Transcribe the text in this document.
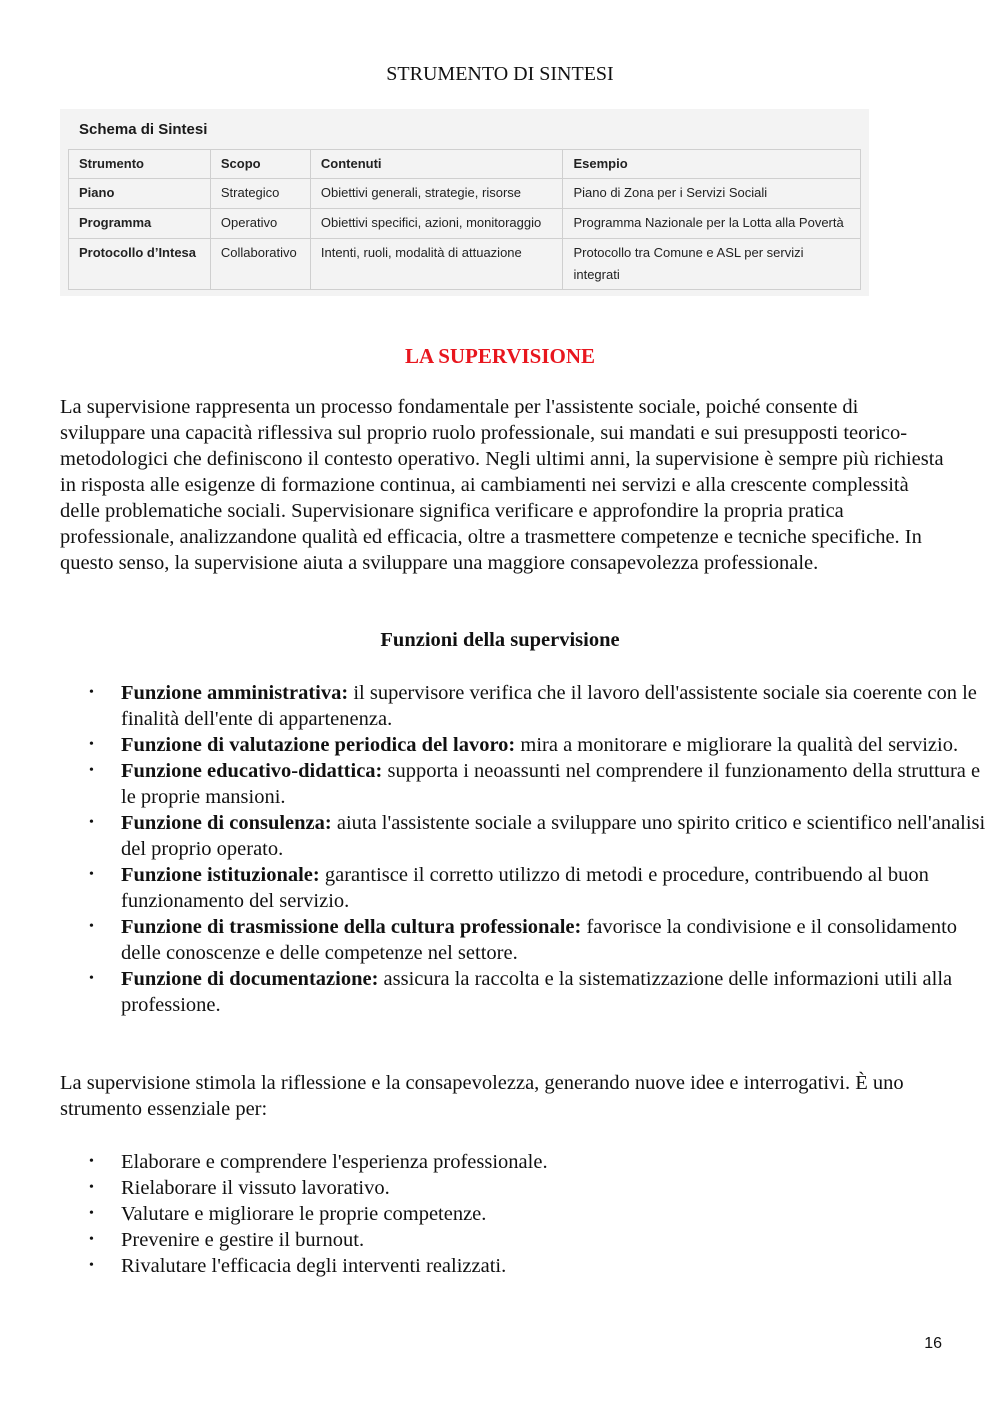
STRUMENTO DI SINTESI
Schema di Sintesi
Strumento	Scopo	Contenuti	Esempio
Piano	Strategico	Obiettivi generali, strategie, risorse	Piano di Zona per i Servizi Sociali
Programma	Operativo	Obiettivi specifici, azioni, monitoraggio	Programma Nazionale per la Lotta alla Povertà
Protocollo d’Intesa	Collaborativo	Intenti, ruoli, modalità di attuazione	Protocollo tra Comune e ASL per servizi integrati
LA SUPERVISIONE
La supervisione rappresenta un processo fondamentale per l'assistente sociale, poiché consente di sviluppare una capacità riflessiva sul proprio ruolo professionale, sui mandati e sui presupposti teorico-metodologici che definiscono il contesto operativo. Negli ultimi anni, la supervisione è sempre più richiesta in risposta alle esigenze di formazione continua, ai cambiamenti nei servizi e alla crescente complessità delle problematiche sociali. Supervisionare significa verificare e approfondire la propria pratica professionale, analizzandone qualità ed efficacia, oltre a trasmettere competenze e tecniche specifiche. In questo senso, la supervisione aiuta a sviluppare una maggiore consapevolezza professionale.
Funzioni della supervisione
• Funzione amministrativa: il supervisore verifica che il lavoro dell'assistente sociale sia coerente con le finalità dell'ente di appartenenza.
• Funzione di valutazione periodica del lavoro: mira a monitorare e migliorare la qualità del servizio.
• Funzione educativo-didattica: supporta i neoassunti nel comprendere il funzionamento della struttura e le proprie mansioni.
• Funzione di consulenza: aiuta l'assistente sociale a sviluppare uno spirito critico e scientifico nell'analisi del proprio operato.
• Funzione istituzionale: garantisce il corretto utilizzo di metodi e procedure, contribuendo al buon funzionamento del servizio.
• Funzione di trasmissione della cultura professionale: favorisce la condivisione e il consolidamento delle conoscenze e delle competenze nel settore.
• Funzione di documentazione: assicura la raccolta e la sistematizzazione delle informazioni utili alla professione.
La supervisione stimola la riflessione e la consapevolezza, generando nuove idee e interrogativi. È uno strumento essenziale per:
• Elaborare e comprendere l'esperienza professionale.
• Rielaborare il vissuto lavorativo.
• Valutare e migliorare le proprie competenze.
• Prevenire e gestire il burnout.
• Rivalutare l'efficacia degli interventi realizzati.
16
